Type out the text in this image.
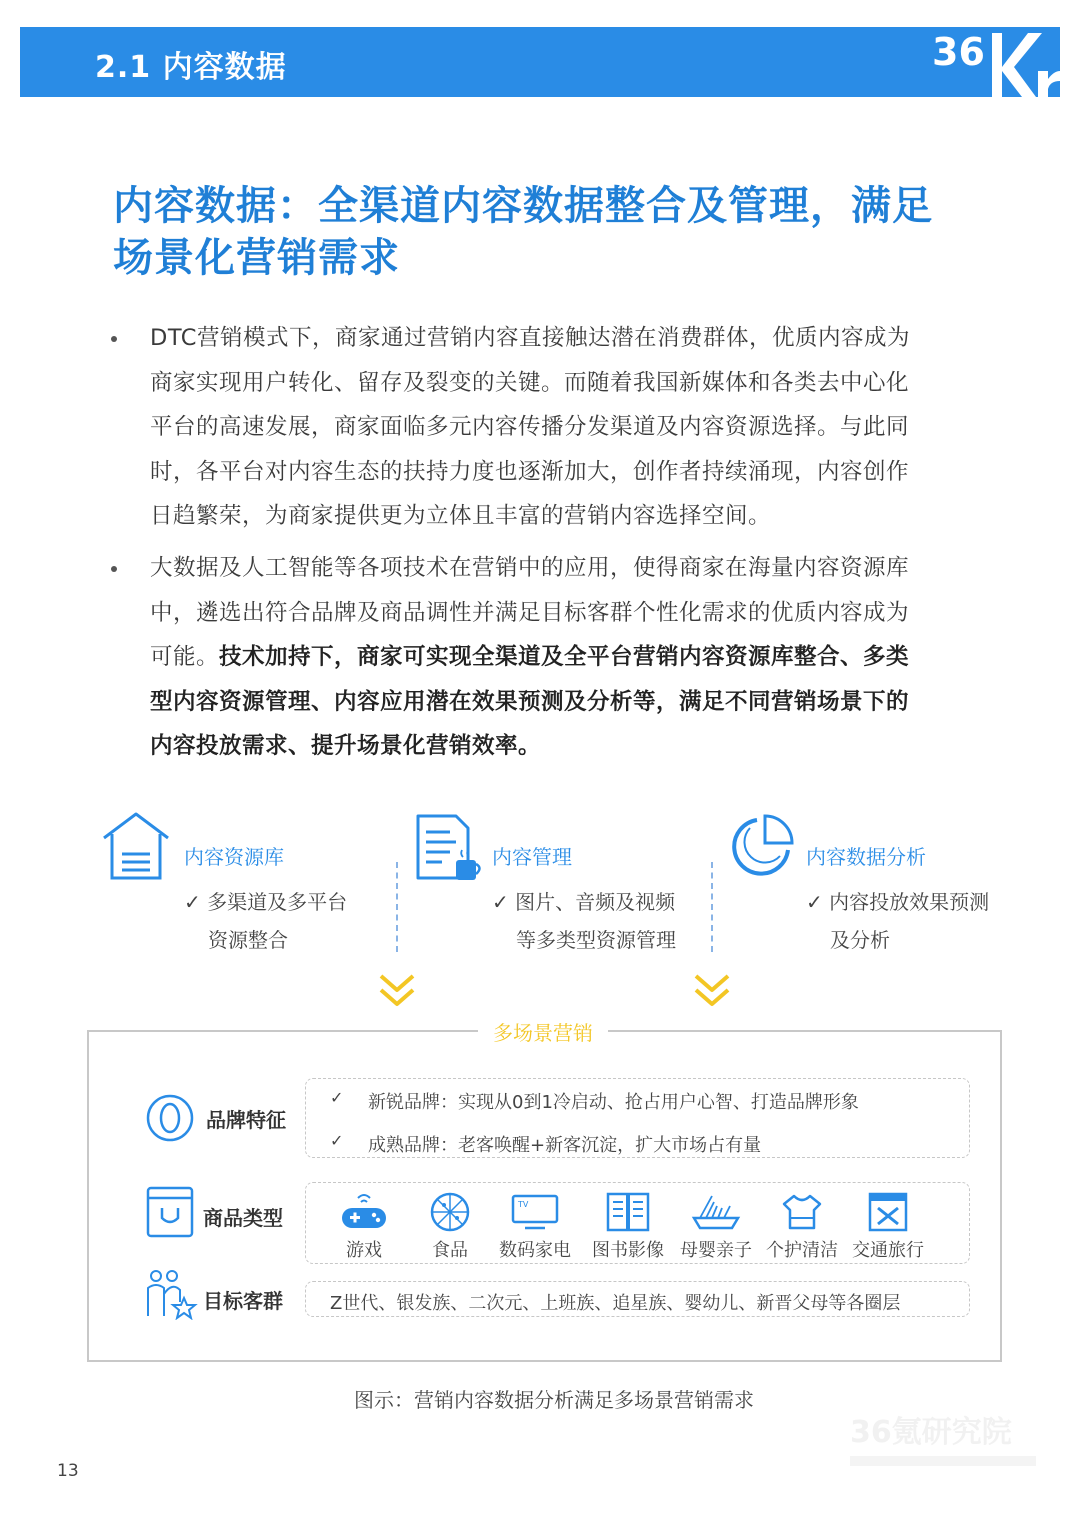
2.1 内容数据	36
内容数据：全渠道内容数据整合及管理，满足
场景化营销需求
DTC营销模式下，商家通过营销内容直接触达潜在消费群体，优质内容成为
商家实现用户转化、留存及裂变的关键。而随着我国新媒体和各类去中心化
平台的高速发展，商家面临多元内容传播分发渠道及内容资源选择。与此同
时，各平台对内容生态的扶持力度也逐渐加大，创作者持续涌现，内容创作
日趋繁荣，为商家提供更为立体且丰富的营销内容选择空间。
大数据及人工智能等各项技术在营销中的应用，使得商家在海量内容资源库
中，遴选出符合品牌及商品调性并满足目标客群个性化需求的优质内容成为
可能。技术加持下，商家可实现全渠道及全平台营销内容资源库整合、多类
型内容资源管理、内容应用潜在效果预测及分析等，满足不同营销场景下的
内容投放需求、提升场景化营销效率。
内容资源库
✓ 多渠道及多平台
资源整合
内容管理
✓ 图片、音频及视频
等多类型资源管理
内容数据分析
✓ 内容投放效果预测
及分析
多场景营销
品牌特征
✓ 新锐品牌：实现从0到1冷启动、抢占用户心智、打造品牌形象
✓ 成熟品牌：老客唤醒+新客沉淀，扩大市场占有量
商品类型
游戏	食品
TV
数码家电	图书影像 母婴亲子 个护清洁 交通旅行
目标客群	Z世代、银发族、二次元、上班族、追星族、婴幼儿、新晋父母等各圈层
图示：营销内容数据分析满足多场景营销需求
13
36氪研究院
